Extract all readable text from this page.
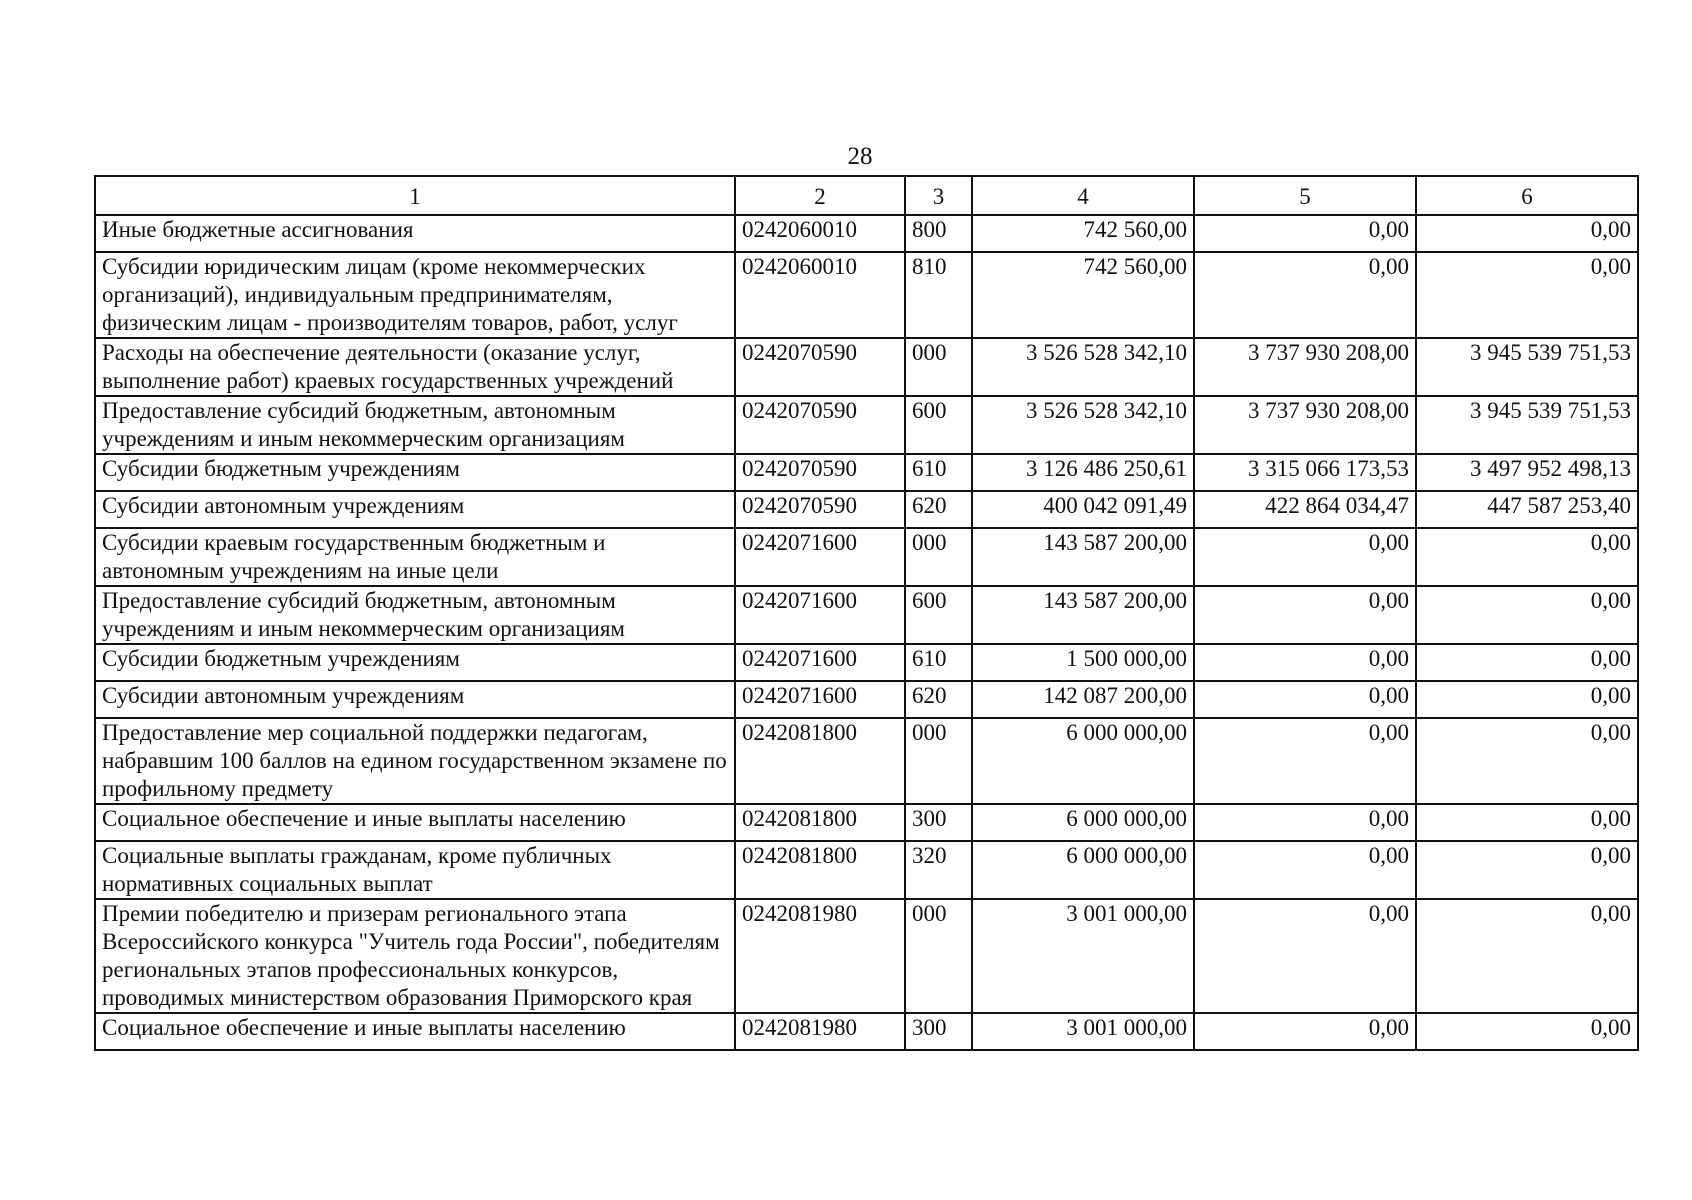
28
1	2	3	4	5	6
Иные бюджетные ассигнования	0242060010	800	742 560,00	0,00	0,00
Субсидии юридическим лицам (кроме некоммерческих организаций), индивидуальным предпринимателям, физическим лицам - производителям товаров, работ, услуг	0242060010	810	742 560,00	0,00	0,00
Расходы на обеспечение деятельности (оказание услуг, выполнение работ) краевых государственных учреждений	0242070590	000	3 526 528 342,10	3 737 930 208,00	3 945 539 751,53
Предоставление субсидий бюджетным, автономным учреждениям и иным некоммерческим организациям	0242070590	600	3 526 528 342,10	3 737 930 208,00	3 945 539 751,53
Субсидии бюджетным учреждениям	0242070590	610	3 126 486 250,61	3 315 066 173,53	3 497 952 498,13
Субсидии автономным учреждениям	0242070590	620	400 042 091,49	422 864 034,47	447 587 253,40
Субсидии краевым государственным бюджетным и автономным учреждениям на иные цели	0242071600	000	143 587 200,00	0,00	0,00
Предоставление субсидий бюджетным, автономным учреждениям и иным некоммерческим организациям	0242071600	600	143 587 200,00	0,00	0,00
Субсидии бюджетным учреждениям	0242071600	610	1 500 000,00	0,00	0,00
Субсидии автономным учреждениям	0242071600	620	142 087 200,00	0,00	0,00
Предоставление мер социальной поддержки педагогам, набравшим 100 баллов на едином государственном экзамене по профильному предмету	0242081800	000	6 000 000,00	0,00	0,00
Социальное обеспечение и иные выплаты населению	0242081800	300	6 000 000,00	0,00	0,00
Социальные выплаты гражданам, кроме публичных нормативных социальных выплат	0242081800	320	6 000 000,00	0,00	0,00
Премии победителю и призерам регионального этапа Всероссийского конкурса "Учитель года России", победителям региональных этапов профессиональных конкурсов, проводимых министерством образования Приморского края	0242081980	000	3 001 000,00	0,00	0,00
Социальное обеспечение и иные выплаты населению	0242081980	300	3 001 000,00	0,00	0,00
